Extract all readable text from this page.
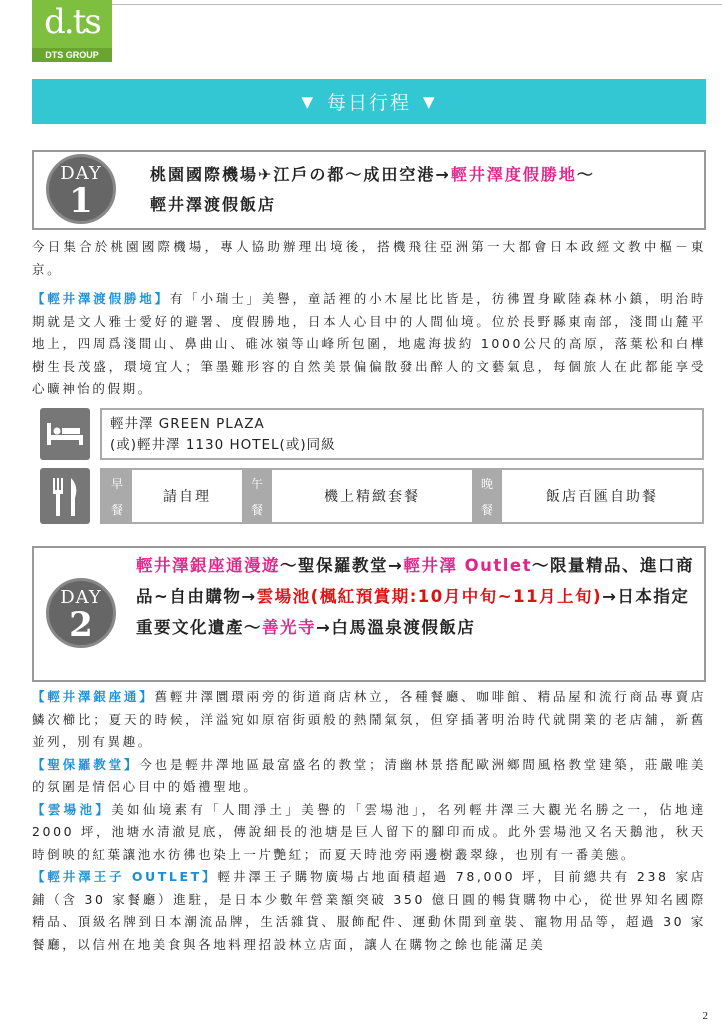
d.ts
DTS GROUP
▼ 每日行程 ▼
DAY
1
桃園國際機場✈江戶の都～成田空港→輕井澤度假勝地～
輕井澤渡假飯店
今日集合於桃園國際機場，專人協助辦理出境後，搭機飛往亞洲第一大都會日本政經文教中樞－東京。
【輕井澤渡假勝地】有「小瑞士」美譽，童話裡的小木屋比比皆是，彷彿置身歐陸森林小鎮，明治時期就是文人雅士愛好的避署、度假勝地，日本人心目中的人間仙境。位於長野縣東南部，淺間山麓平地上，四周爲淺間山、鼻曲山、碓冰嶺等山峰所包圍，地處海拔約 1000公尺的高原，落葉松和白樺樹生長茂盛，環境宜人；筆墨難形容的自然美景偏偏散發出醉人的文藝氣息，每個旅人在此都能享受心曠神怡的假期。
輕井澤 GREEN PLAZA
(或)輕井澤 1130 HOTEL(或)同級
早
餐
請自理
午
餐
機上精緻套餐
晚
餐
飯店百匯自助餐
DAY
2
輕井澤銀座通漫遊～聖保羅教堂→輕井澤 Outlet～限量精品、進口商品~自由購物→雲場池(楓紅預賞期:10月中旬~11月上旬)→日本指定重要文化遺產～善光寺→白馬溫泉渡假飯店
【輕井澤銀座通】舊輕井澤圜環兩旁的街道商店林立，各種餐廳、咖啡館、精品屋和流行商品專賣店鱗次櫛比；夏天的時候，洋溢宛如原宿街頭般的熱鬧氣氛，但穿插著明治時代就開業的老店舖，新舊並列，別有異趣。
【聖保羅教堂】今也是輕井澤地區最富盛名的教堂；清幽林景搭配歐洲鄉間風格教堂建築，莊嚴唯美的氛圍是情侶心目中的婚禮聖地。
【雲場池】美如仙境素有「人間淨土」美譽的「雲場池」，名列輕井澤三大觀光名勝之一，佔地達 2000 坪，池塘水清澈見底，傳說細長的池塘是巨人留下的腳印而成。此外雲場池又名天鵝池，秋天時倒映的紅葉讓池水彷彿也染上一片艷紅；而夏天時池旁兩邊樹叢翠綠，也別有一番美態。
【輕井澤王子 OUTLET】輕井澤王子購物廣場占地面積超過 78,000 坪，目前總共有 238 家店鋪（含 30 家餐廳）進駐，是日本少數年營業額突破 350 億日圓的暢貨購物中心，從世界知名國際精品、頂級名牌到日本潮流品牌，生活雜貨、服飾配件、運動休閒到童裝、寵物用品等，超過 30 家餐廳，以信州在地美食與各地料理招設林立店面，讓人在購物之餘也能滿足美
2
